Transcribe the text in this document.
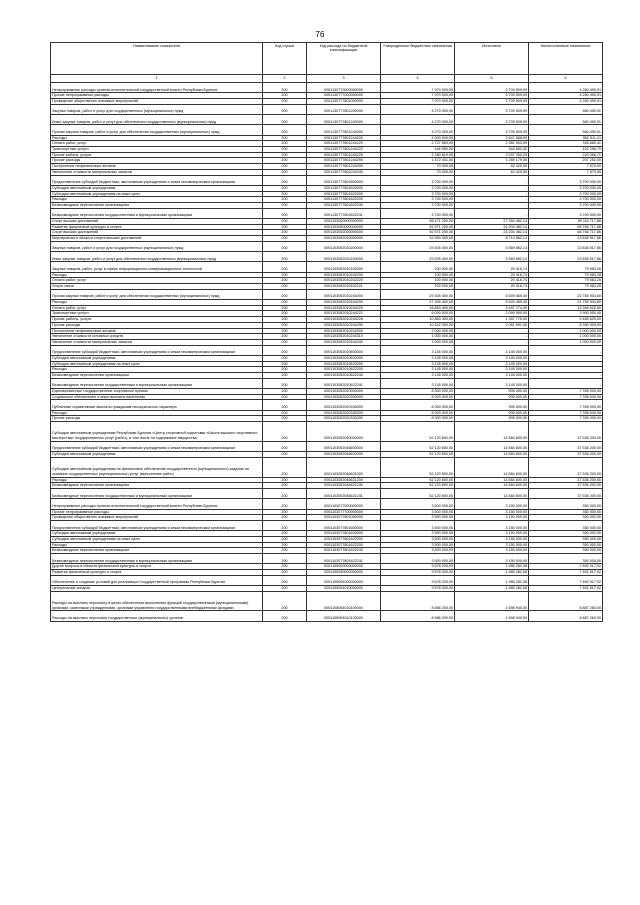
76
Наименование показателя	Код строки	Код расхода по бюджетной классификации	Утвержденные бюджетные назначения	Исполнено	Неисполненные назначения
1	2	3	4	5	6
Непрограммные расходы органов исполнительной государственной власти Республики Бурятия	200	0001130770000000000	7 970 000,00	3 709 509,09	4 260 490,91
Прочие непрограммные расходы	200	0001130777000000000	7 970 000,00	3 709 509,09	4 260 490,91
Проведение общественно значимых мероприятий	200	0001130777801000000	7 970 000,00	3 709 509,09	4 260 490,91
Закупка товаров, работ и услуг для государственных (муниципальных) нужд	200	0001130777801200000	4 270 000,00	3 709 509,09	560 490,91
Иные закупки товаров, работ и услуг для обеспечения государственных (муниципальных) нужд	200	0001130777801240000	4 270 000,00	3 709 509,09	560 490,91
Прочая закупка товаров, работ и услуг для обеспечения государственных (муниципальных) нужд	200	0001130777801244000	4 270 000,00	3 709 509,09	560 490,91
Расходы	200	0001130777801244200	4 200 000,00	3 647 088,59	552 911,41
Оплата работ, услуг	200	0001130777801244220	2 727 569,00	2 381 903,59	345 665,41
Транспортные услуги	200	0001130777801244222	446 950,00	344 653,30	102 296,70
Прочие работы, услуги	200	0001130777801244226	2 280 619,00	2 037 250,29	243 368,71
Прочие расходы	200	0001130777801244290	1 472 431,00	1 265 179,00	207 252,00
Поступление нефинансовых активов	200	0001130777801244300	70 000,00	62 420,50	7 579,50
Увеличение стоимости материальных запасов	200	0001130777801244340	70 000,00	62 420,50	7 579,50
Предоставление субсидий бюджетным, автономным учреждениям и иным некоммерческим организациям	200	0001130777801600000	3 700 000,00	-	3 700 000,00
Субсидии автономным учреждениям	200	0001130777801620000	3 700 000,00	-	3 700 000,00
Субсидии автономным учреждениям на иные цели	200	0001130777801622000	3 700 000,00	-	3 700 000,00
Расходы	200	0001130777801622200	3 700 000,00	-	3 700 000,00
Безвозмездные перечисления организациям	200	0001130777801622240	3 700 000,00	-	3 700 000,00
Безвозмездные перечисления государственным и муниципальным организациям	200	0001130777801622241	3 700 000,00	-	3 700 000,00
Спорт высших достижений	200	0001103000000000000	96 471 200,00	27 354 482,14	69 116 717,86
Развитие физической культуры и спорта	200	0001103050000000000	92 971 200,00	24 204 482,14	68 766 717,86
Спорт высших достижений	200	0001103052000000000	92 971 200,00	24 204 482,14	68 766 717,86
Мероприятия в области спорта высших достижений	200	0001103052010000000	32 550 400,00	8 714 882,14	23 835 517,86
Закупка товаров, работ и услуг для государственных (муниципальных) нужд	200	0001103052010200000	29 405 400,00	5 569 882,14	23 835 517,86
Иные закупки товаров, работ и услуг для обеспечения государственных (муниципальных) нужд	200	0001103052010240000	29 405 400,00	5 569 882,14	23 835 517,86
Закупка товаров, работ, услуг в сфере информационно-коммуникационных технологий	200	0001103052010242000	100 000,00	20 416,74	79 583,26
Расходы	200	0001103052010242200	100 000,00	20 416,74	79 583,26
Оплата работ, услуг	200	0001103052010242220	100 000,00	20 416,74	79 583,26
Услуги связи	200	0001103052010242221	100 000,00	20 416,74	79 583,26
Прочая закупка товаров, работ и услуг для обеспечения государственных (муниципальных) нужд	200	0001103052010244000	29 305 400,00	5 549 465,40	23 755 934,60
Расходы	200	0001103052010244200	27 305 400,00	5 549 465,40	21 755 934,60
Оплата работ, услуг	200	0001103052010244220	16 863 400,00	3 497 774,40	13 365 625,60
Транспортные услуги	200	0001103052010244222	6 000 000,00	2 099 950,00	3 900 050,00
Прочие работы, услуги	200	0001103052010244226	10 863 400,00	1 397 775,00	9 465 625,00
Прочие расходы	200	0001103052010244290	10 442 000,00	2 051 691,00	8 390 309,00
Поступление нефинансовых активов	200	0001103052010244300	2 000 000,00	-	2 000 000,00
Увеличение стоимости основных средств	200	0001103052010244310	1 000 000,00	-	1 000 000,00
Увеличение стоимости материальных запасов	200	0001103052010244340	1 000 000,00	-	1 000 000,00
Предоставление субсидий бюджетным, автономным учреждениям и иным некоммерческим организациям	200	0001103052010600000	3 145 000,00	3 145 000,00	-
Субсидии автономным учреждениям	200	0001103052010620000	3 145 000,00	3 145 000,00	-
Субсидии автономным учреждениям на иные цели	200	0001103052010622000	3 145 000,00	3 145 000,00	-
Расходы	200	0001103052010622200	3 145 000,00	3 145 000,00	-
Безвозмездные перечисления организациям	200	0001103052010622240	3 145 000,00	3 145 000,00	-
Безвозмездные перечисления государственным и муниципальным организациям	200	0001103052010622241	3 145 000,00	3 145 000,00	-
Единовременные государственные спортивные премии	200	0001103052020000000	8 300 000,00	905 000,00	7 395 000,00
Социальное обеспечение и иные выплаты населению	200	0001103052020300000	8 300 000,00	905 000,00	7 395 000,00
Публичные нормативные выплаты гражданам несоциального характера	200	0001103052020330000	8 300 000,00	905 000,00	7 395 000,00
Расходы	200	0001103052020330200	8 300 000,00	905 000,00	7 395 000,00
Прочие расходы	200	0001103052020330290	8 300 000,00	905 000,00	7 395 000,00
Субсидии автономным учреждениям Республики Бурятия «Центр спортивной подготовки «Школа высшего спортивного мастерства» государственных услуг (работ), в том числе на содержание имущества	200	0001103052040000000	52 120 800,00	14 584 600,00	37 536 200,00
Предоставление субсидий бюджетным, автономным учреждениям и иным некоммерческим организациям	200	0001103052046600000	52 120 800,00	14 584 600,00	37 536 200,00
Субсидии автономным учреждениям	200	0001103052046620000	52 120 800,00	14 584 600,00	37 536 200,00
Субсидии автономным учреждениям на финансовое обеспечение государственного (муниципального) задания на оказание государственных (муниципальных) услуг (выполнение работ)	200	0001103052046621000	52 120 800,00	14 584 600,00	37 536 200,00
Расходы	200	0001103052046621200	52 120 800,00	14 584 600,00	37 536 200,00
Безвозмездные перечисления организациям	200	0001103052046621240	52 120 800,00	14 584 600,00	37 536 200,00
Безвозмездные перечисления государственным и муниципальным организациям	200	0001103052046621241	52 120 800,00	14 584 600,00	37 536 200,00
Непрограммные расходы органов исполнительной государственной власти Республики Бурятия	200	0001103077000000000	3 500 000,00	3 150 000,00	350 000,00
Прочие непрограммные расходы	200	0001103077700000000	3 500 000,00	3 150 000,00	350 000,00
Проведение общественно значимых мероприятий	200	0001103077801000000	3 500 000,00	3 150 000,00	350 000,00
Предоставление субсидий бюджетным, автономным учреждениям и иным некоммерческим организациям	200	0001103077801600000	3 500 000,00	3 150 000,00	350 000,00
Субсидии автономным учреждениям	200	0001103077801620000	3 500 000,00	3 150 000,00	350 000,00
Субсидии автономным учреждениям на иные цели	200	0001103077801622000	3 500 000,00	3 150 000,00	350 000,00
Расходы	200	0001103077801622200	3 500 000,00	3 150 000,00	350 000,00
Безвозмездные перечисления организациям	200	0001103077801622240	3 500 000,00	3 150 000,00	350 000,00
Безвозмездные перечисления государственным и муниципальным организациям	200	0001103077801622241	3 500 000,00	3 150 000,00	350 000,00
Другие вопросы в области физической культуры и спорта	200	0001105000000000000	9 678 200,00	1 985 282,08	7 692 917,92
Развитие физической культуры и спорта	200	0001105050000000000	9 678 200,00	1 985 282,08	7 692 917,92
Обеспечение и создание условий для реализации Государственной программы Республики Бурятия	200	0001105054000000000	9 678 200,00	1 985 282,08	7 692 917,92
Центральный аппарат	200	0001105054010000000	9 678 200,00	1 985 282,08	7 692 917,92
Расходы на выплаты персоналу в целях обеспечения выполнения функций государственными (муниципальными) органами, казенными учреждениями, органами управления государственными внебюджетными фондами	200	0001105054010100000	8 586 200,00	1 698 940,00	6 887 260,00
Расходы на выплаты персоналу государственных (муниципальных) органов	200	0001105054010120000	8 586 200,00	1 698 940,00	6 887 260,00
